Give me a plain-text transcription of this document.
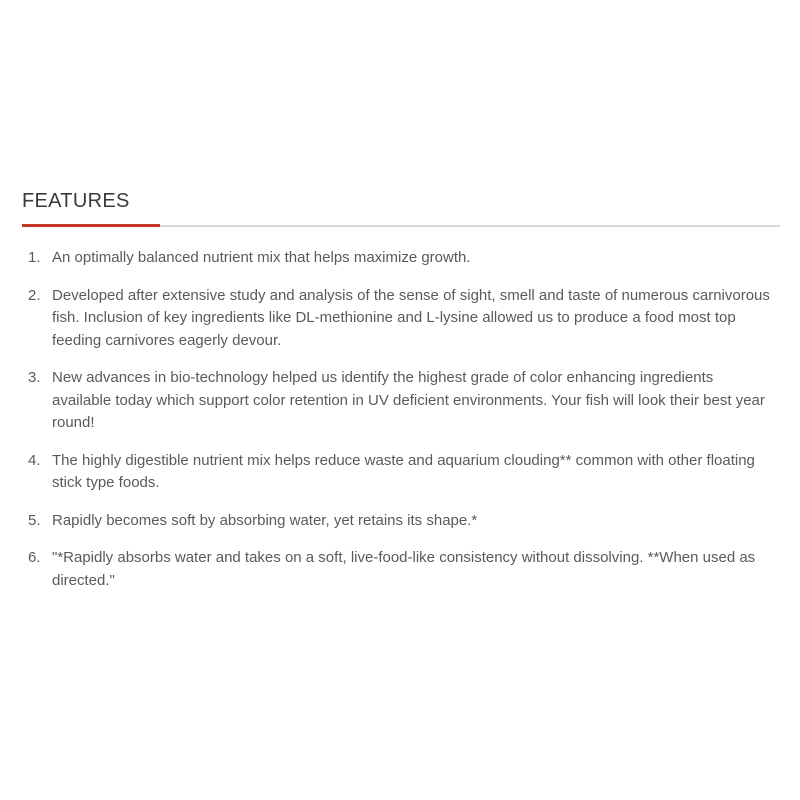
FEATURES
1. An optimally balanced nutrient mix that helps maximize growth.
2. Developed after extensive study and analysis of the sense of sight, smell and taste of numerous carnivorous fish. Inclusion of key ingredients like DL-methionine and L-lysine allowed us to produce a food most top feeding carnivores eagerly devour.
3. New advances in bio-technology helped us identify the highest grade of color enhancing ingredients available today which support color retention in UV deficient environments. Your fish will look their best year round!
4. The highly digestible nutrient mix helps reduce waste and aquarium clouding** common with other floating stick type foods.
5. Rapidly becomes soft by absorbing water, yet retains its shape.*
6. "*Rapidly absorbs water and takes on a soft, live-food-like consistency without dissolving. **When used as directed."
